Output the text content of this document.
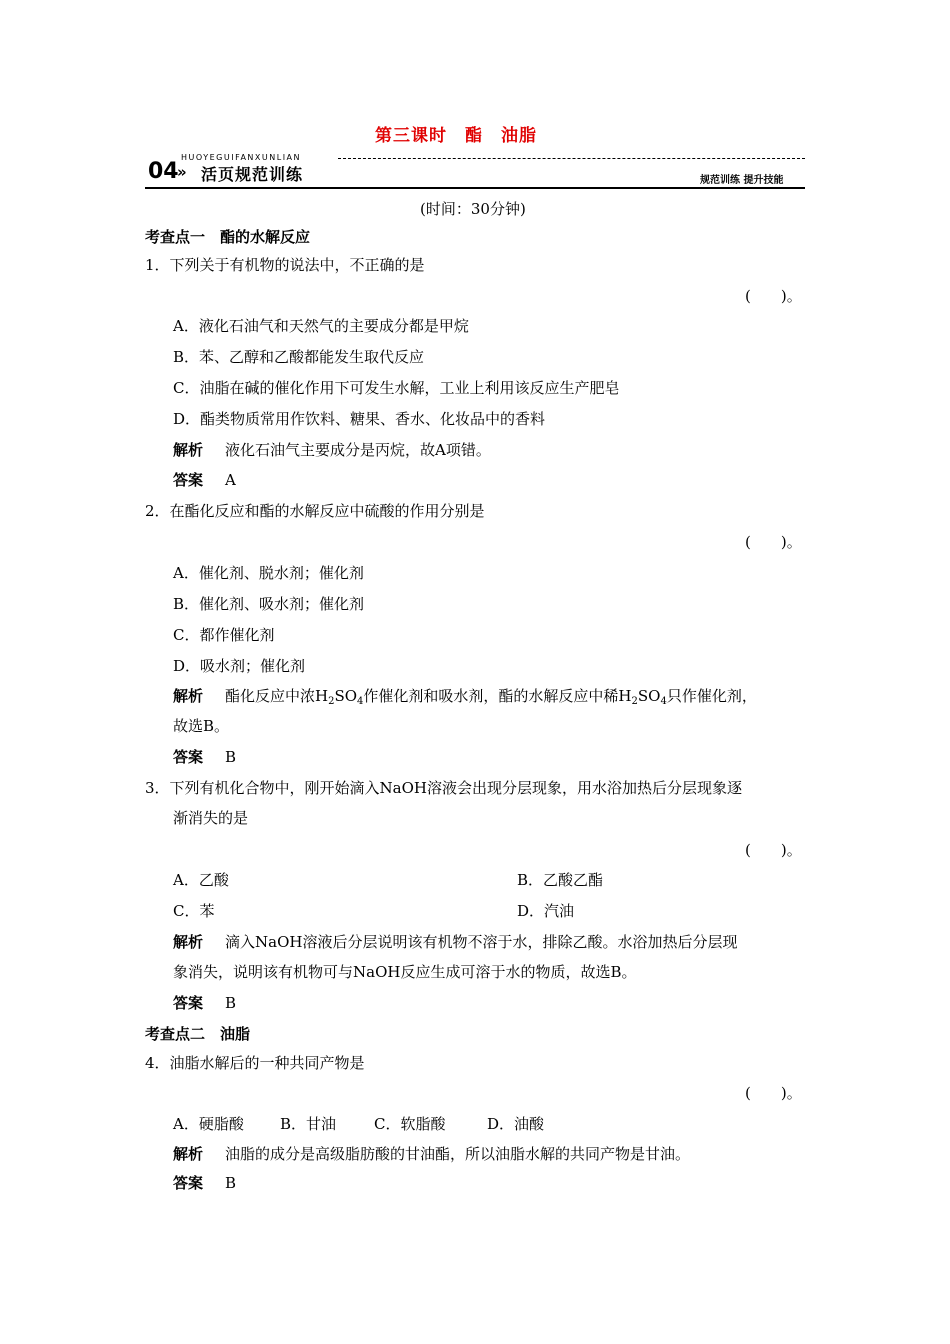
第三课时　酯　油脂
04
»
HUOYEGUIFANXUNLIAN
活页规范训练	规范训练 提升技能
(时间：30分钟)
考查点一　酯的水解反应
1．下列关于有机物的说法中，不正确的是
(　　)。
A．液化石油气和天然气的主要成分都是甲烷
B．苯、乙醇和乙酸都能发生取代反应
C．油脂在碱的催化作用下可发生水解，工业上利用该反应生产肥皂
D．酯类物质常用作饮料、糖果、香水、化妆品中的香料
解析 液化石油气主要成分是丙烷，故A项错。
答案 A
2．在酯化反应和酯的水解反应中硫酸的作用分别是
(　　)。
A．催化剂、脱水剂；催化剂
B．催化剂、吸水剂；催化剂
C．都作催化剂
D．吸水剂；催化剂
解析 酯化反应中浓$H_2SO_4$作催化剂和吸水剂，酯的水解反应中稀$H_2SO_4$只作催化剂，
故选B。
答案 B
3．下列有机化合物中，刚开始滴入NaOH溶液会出现分层现象，用水浴加热后分层现象逐
渐消失的是
(　　)。
A．乙酸	B．乙酸乙酯
C．苯	D．汽油
解析 滴入NaOH溶液后分层说明该有机物不溶于水，排除乙酸。水浴加热后分层现
象消失，说明该有机物可与NaOH反应生成可溶于水的物质，故选B。
答案 B
考查点二　油脂
4．油脂水解后的一种共同产物是
(　　)。
A．硬脂酸 B．甘油	C．软脂酸	D．油酸
解析 油脂的成分是高级脂肪酸的甘油酯，所以油脂水解的共同产物是甘油。
答案 B
